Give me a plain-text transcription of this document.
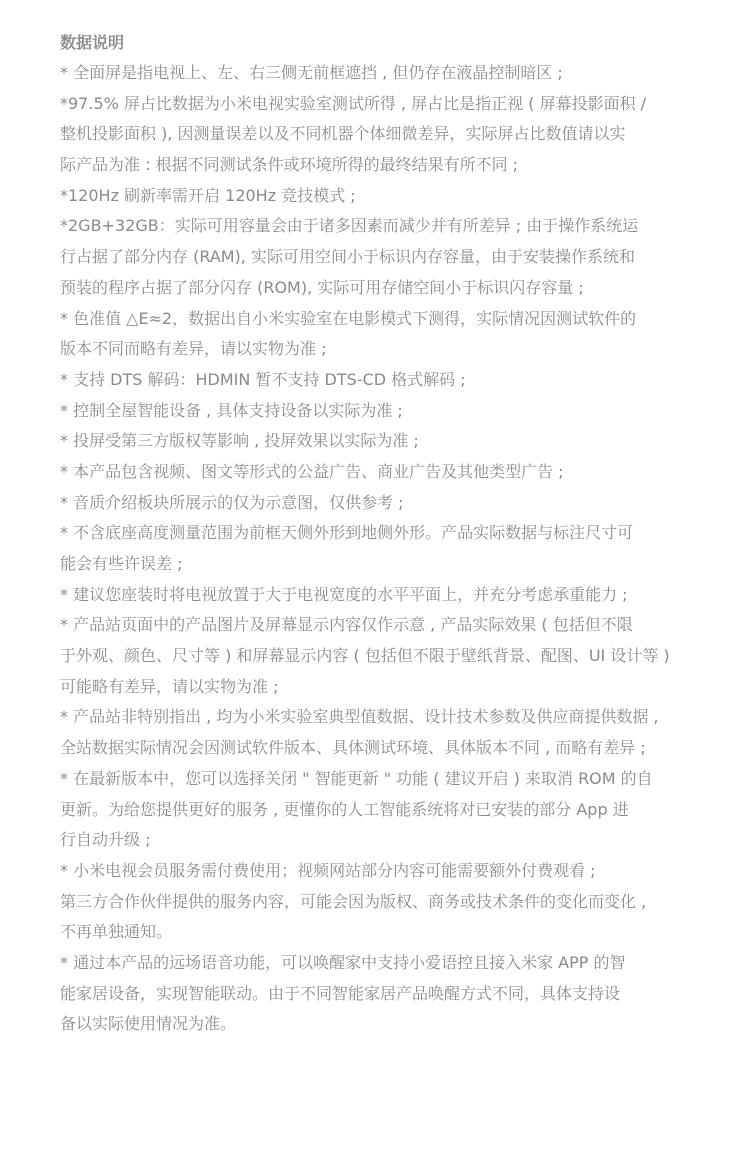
数据说明
* 全面屏是指电视上、左、右三侧无前框遮挡 , 但仍存在液晶控制暗区 ;
*97.5% 屏占比数据为小米电视实验室测试所得 , 屏占比是指正视 ( 屏幕投影面积 /
整机投影面积 ), 因测量误差以及不同机器个体细微差异，实际屏占比数值请以实
际产品为准 : 根据不同测试条件或环境所得的最终结果有所不同 ;
*120Hz 刷新率需开启 120Hz 竞技模式 ;
*2GB+32GB：实际可用容量会由于诸多因素而减少并有所差异 ; 由于操作系统运
行占据了部分内存 (RAM), 实际可用空间小于标识内存容量，由于安装操作系统和
预装的程序占据了部分闪存 (ROM), 实际可用存储空间小于标识闪存容量 ;
* 色准值 △E≈2，数据出自小米实验室在电影模式下测得，实际情况因测试软件的
版本不同而略有差异，请以实物为准 ;
* 支持 DTS 解码：HDMIN 暂不支持 DTS-CD 格式解码 ;
* 控制全屋智能设备 , 具体支持设备以实际为准 ;
* 投屏受第三方版权等影响 , 投屏效果以实际为准 ;
* 本产品包含视频、图文等形式的公益广告、商业广告及其他类型广告 ;
* 音质介绍板块所展示的仅为示意图，仅供参考 ;
* 不含底座高度测量范围为前框天侧外形到地侧外形。产品实际数据与标注尺寸可
能会有些许误差 ;
* 建议您座装时将电视放置于大于电视宽度的水平平面上，并充分考虑承重能力 ;
* 产品站页面中的产品图片及屏幕显示内容仅作示意 , 产品实际效果 ( 包括但不限
于外观、颜色、尺寸等 ) 和屏幕显示内容 ( 包括但不限于壁纸背景、配图、UI 设计等 )
可能略有差异，请以实物为准 ;
* 产品站非特别指出 , 均为小米实验室典型值数据、设计技术参数及供应商提供数据 ,
全站数据实际情况会因测试软件版本、具体测试环境、具体版本不同 , 而略有差异 ;
* 在最新版本中，您可以选择关闭 " 智能更新 " 功能 ( 建议开启 ) 来取消 ROM 的自
更新。为给您提供更好的服务 , 更懂你的人工智能系统将对已安装的部分 App 进
行自动升级 ;
* 小米电视会员服务需付费使用；视频网站部分内容可能需要额外付费观看 ;
第三方合作伙伴提供的服务内容，可能会因为版权、商务或技术条件的变化而变化 ,
不再单独通知。
* 通过本产品的远场语音功能，可以唤醒家中支持小爱语控且接入米家 APP 的智
能家居设备，实现智能联动。由于不同智能家居产品唤醒方式不同，具体支持设
备以实际使用情况为准。
